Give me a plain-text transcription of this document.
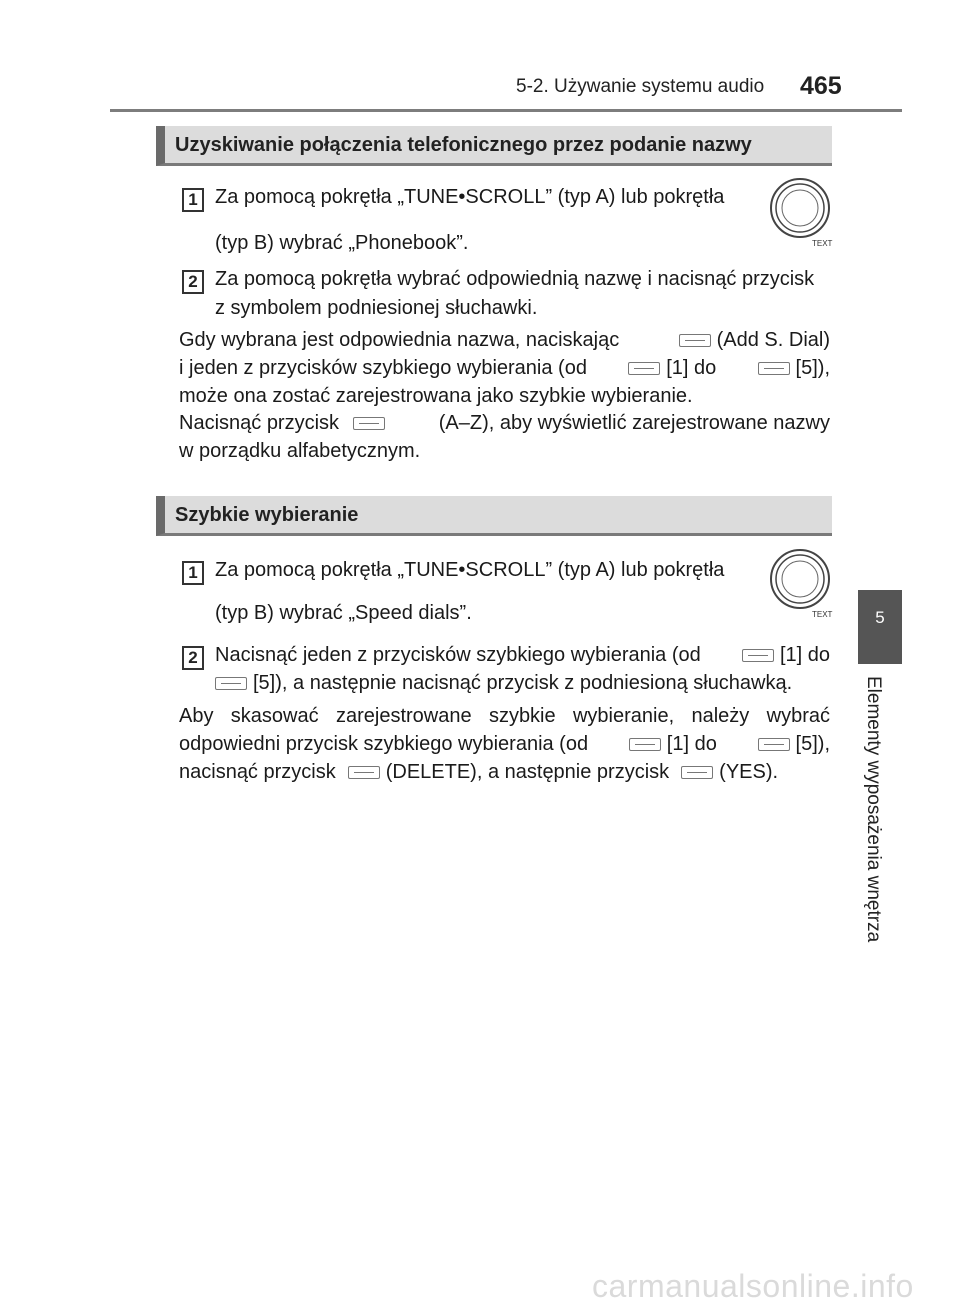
5-2. Używanie systemu audio 465
5
Elementy wyposażenia wnętrza
Uzyskiwanie połączenia telefonicznego przez podanie nazwy
1 Za pomocą pokrętła „TUNE•SCROLL” (typ A) lub pokrętła
TEXT
(typ B) wybrać „Phonebook”.
2 Za pomocą pokrętła wybrać odpowiednią nazwę i nacisnąć przycisk
z symbolem podniesionej słuchawki.
Gdy wybrana jest odpowiednia nazwa, naciskając	(Add S. Dial)
i jeden z przycisków szybkiego wybierania (od	[1] do	[5]),
może ona zostać zarejestrowana jako szybkie wybieranie.
Nacisnąć przycisk	(A–Z), aby wyświetlić zarejestrowane nazwy
w porządku alfabetycznym.
Szybkie wybieranie
1 Za pomocą pokrętła „TUNE•SCROLL” (typ A) lub pokrętła
TEXT
(typ B) wybrać „Speed dials”.
2 Nacisnąć jeden z przycisków szybkiego wybierania (od	[1] do
[5]), a następnie nacisnąć przycisk z podniesioną słuchawką.
Aby skasować zarejestrowane szybkie wybieranie, należy wybrać
odpowiedni przycisk szybkiego wybierania (od	[1] do	[5]),
nacisnąć przycisk	(DELETE), a następnie przycisk	(YES).
carmanualsonline.info
